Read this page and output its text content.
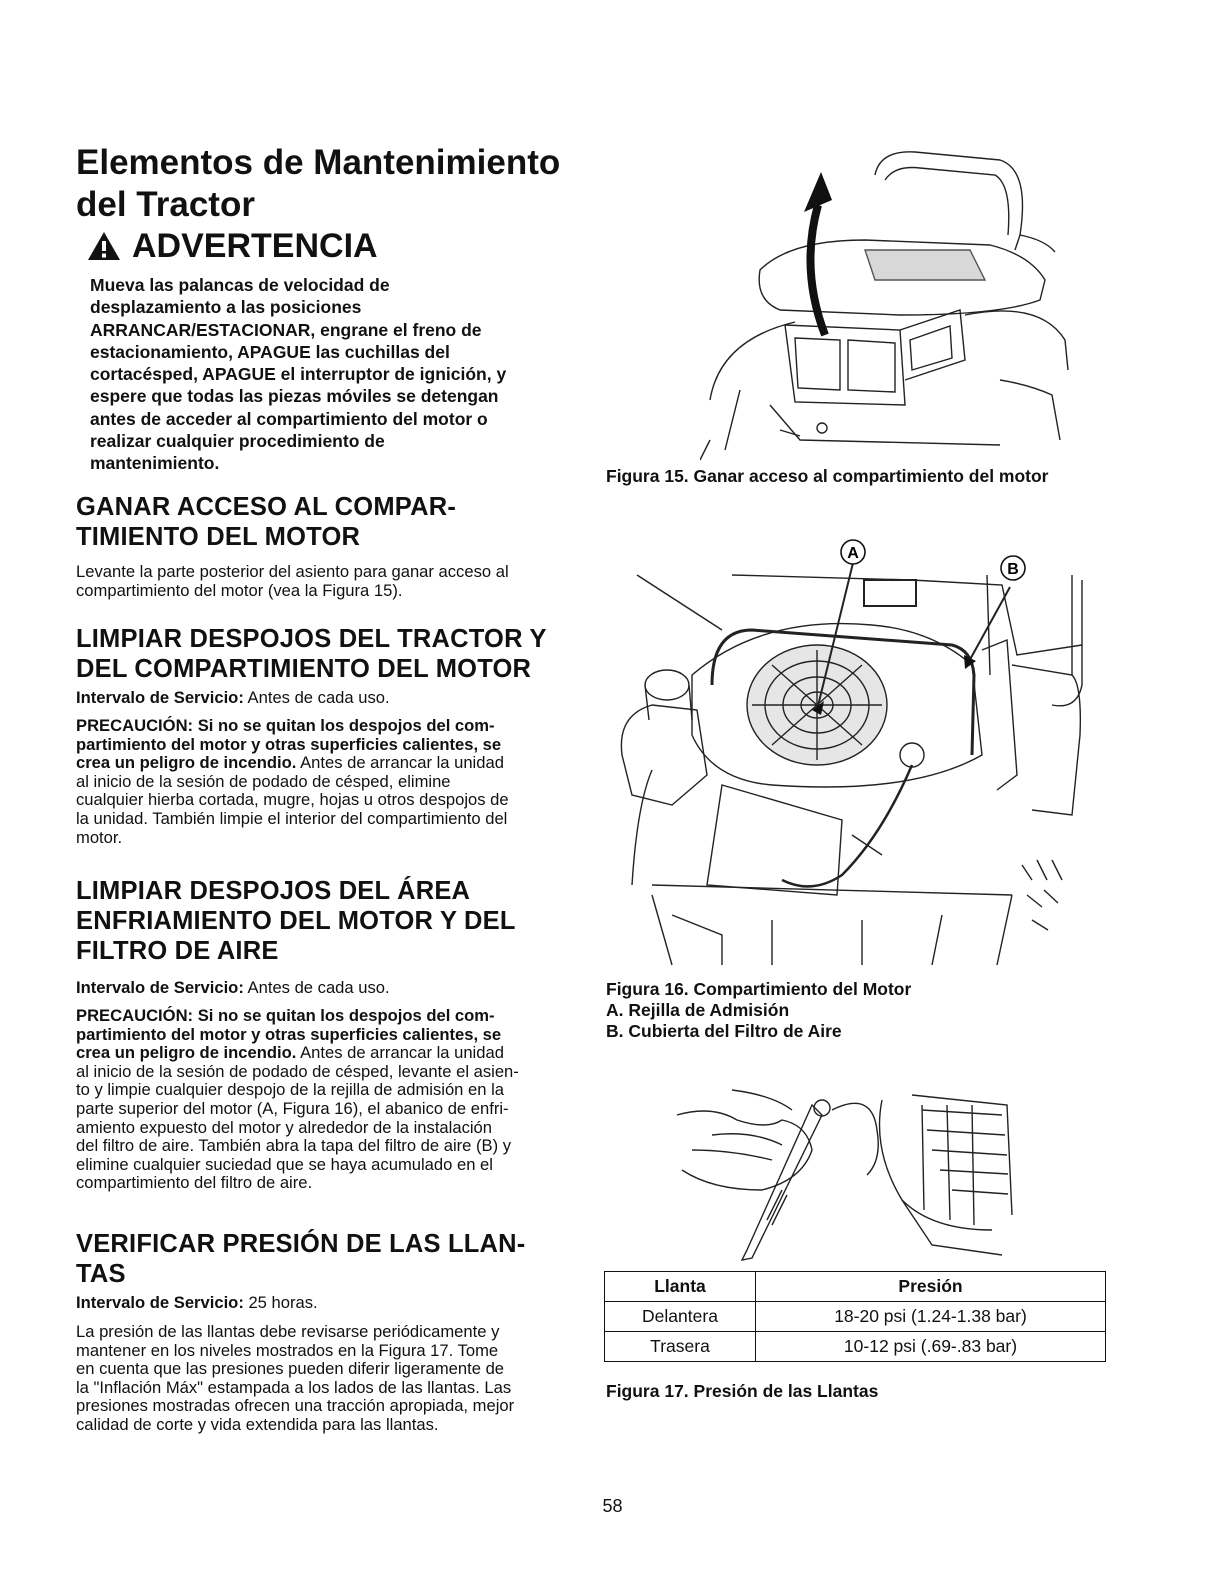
Elementos de Mantenimiento
del Tractor
ADVERTENCIA

Mueva las palancas de velocidad de
desplazamiento a las posiciones
ARRANCAR/ESTACIONAR, engrane el freno de
estacionamiento, APAGUE las cuchillas del
cortacésped, APAGUE el interruptor de ignición, y
espere que todas las piezas móviles se detengan
antes de acceder al compartimiento del motor o
realizar cualquier procedimiento de
mantenimiento.

GANAR ACCESO AL COMPAR-
TIMIENTO DEL MOTOR

Levante la parte posterior del asiento para ganar acceso al
compartimiento del motor (vea la Figura 15).

LIMPIAR DESPOJOS DEL TRACTOR Y
DEL COMPARTIMIENTO DEL MOTOR

Intervalo de Servicio: Antes de cada uso.

PRECAUCIÓN: Si no se quitan los despojos del com-
partimiento del motor y otras superficies calientes, se
crea un peligro de incendio. Antes de arrancar la unidad
al inicio de la sesión de podado de césped, elimine
cualquier hierba cortada, mugre, hojas u otros despojos de
la unidad. También limpie el interior del compartimiento del
motor.

LIMPIAR DESPOJOS DEL ÁREA
ENFRIAMIENTO DEL MOTOR Y DEL
FILTRO DE AIRE

Intervalo de Servicio: Antes de cada uso.

PRECAUCIÓN: Si no se quitan los despojos del com-
partimiento del motor y otras superficies calientes, se
crea un peligro de incendio. Antes de arrancar la unidad
al inicio de la sesión de podado de césped, levante el asien-
to y limpie cualquier despojo de la rejilla de admisión en la
parte superior del motor (A, Figura 16), el abanico de enfri-
amiento expuesto del motor y alrededor de la instalación
del filtro de aire. También abra la tapa del filtro de aire (B) y
elimine cualquier suciedad que se haya acumulado en el
compartimiento del filtro de aire.

VERIFICAR PRESIÓN DE LAS LLAN-
TAS

Intervalo de Servicio: 25 horas.

La presión de las llantas debe revisarse periódicamente y
mantener en los niveles mostrados en la Figura 17. Tome
en cuenta que las presiones pueden diferir ligeramente de
la "Inflación Máx" estampada a los lados de las llantas. Las
presiones mostradas ofrecen una tracción apropiada, mejor
calidad de corte y vida extendida para las llantas.

Figura 15. Ganar acceso al compartimiento del motor

A
B
Figura 16. Compartimiento del Motor
A. Rejilla de Admisión
B. Cubierta del Filtro de Aire
Llanta	Presión
Delantera	18-20 psi (1.24-1.38 bar)
Trasera	10-12 psi (.69-.83 bar)

Figura 17. Presión de las Llantas

58
